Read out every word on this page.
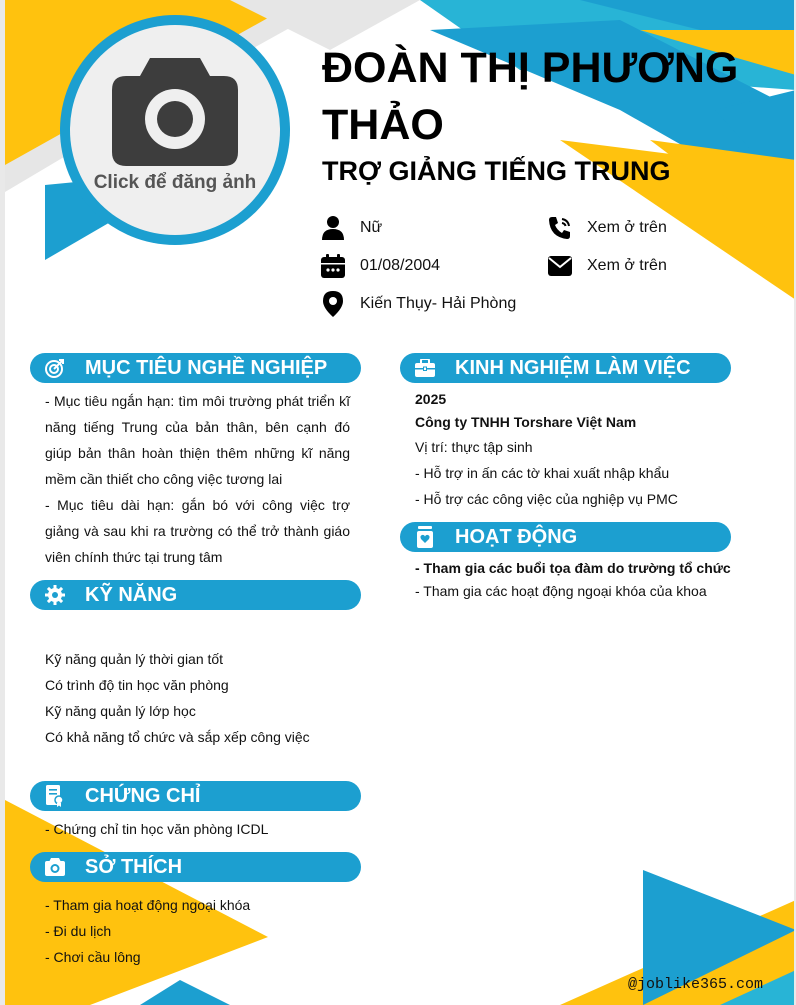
Click để đăng ảnh
ĐOÀN THỊ PHƯƠNG THẢO
TRỢ GIẢNG TIẾNG TRUNG
Nữ	Xem ở trên
01/08/2004	Xem ở trên
Kiến Thụy- Hải Phòng
MỤC TIÊU NGHỀ NGHIỆP
- Mục tiêu ngắn hạn: tìm môi trường phát triển kĩ năng tiếng Trung của bản thân, bên cạnh đó giúp bản thân hoàn thiện thêm những kĩ năng mềm cần thiết cho công việc tương lai
- Mục tiêu dài hạn: gắn bó với công việc trợ giảng và sau khi ra trường có thể trở thành giáo viên chính thức tại trung tâm
KỸ NĂNG
Kỹ năng quản lý thời gian tốt
Có trình độ tin học văn phòng
Kỹ năng quản lý lớp học
Có khả năng tổ chức và sắp xếp công việc
CHỨNG CHỈ
- Chứng chỉ tin học văn phòng ICDL
SỞ THÍCH
- Tham gia hoạt động ngoại khóa
- Đi du lịch
- Chơi cầu lông
KINH NGHIỆM LÀM VIỆC
2025
Công ty TNHH Torshare Việt Nam
Vị trí: thực tập sinh
- Hỗ trợ in ấn các tờ khai xuất nhập khẩu
- Hỗ trợ các công việc của nghiệp vụ PMC
HOẠT ĐỘNG
- Tham gia các buổi tọa đàm do trường tổ chức
- Tham gia các hoạt động ngoại khóa của khoa
@joblike365.com
